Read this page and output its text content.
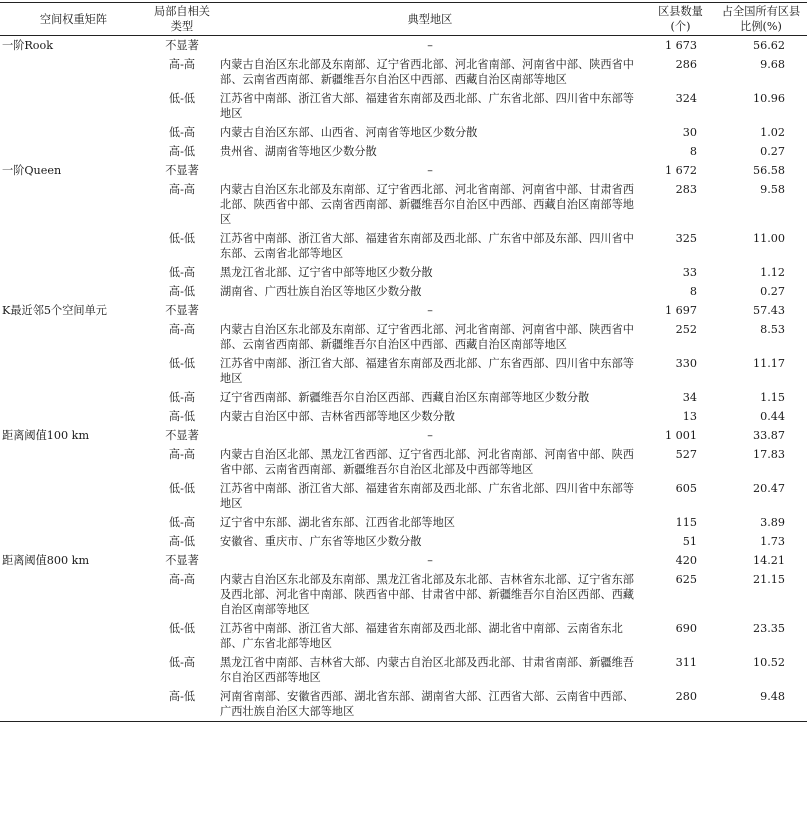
空间权重矩阵	局部自相关类型	典型地区	区县数量(个)	占全国所有区县比例(%)
一阶Rook	不显著	–	1 673	56.62
	高-高	内蒙古自治区东北部及东南部、辽宁省西北部、河北省南部、河南省中部、陕西省中部、云南省西南部、新疆维吾尔自治区中西部、西藏自治区南部等地区	286	9.68
	低-低	江苏省中南部、浙江省大部、福建省东南部及西北部、广东省北部、四川省中东部等地区	324	10.96
	低-高	内蒙古自治区东部、山西省、河南省等地区少数分散	30	1.02
	高-低	贵州省、湖南省等地区少数分散	8	0.27
一阶Queen	不显著	–	1 672	56.58
	高-高	内蒙古自治区东北部及东南部、辽宁省西北部、河北省南部、河南省中部、甘肃省西北部、陕西省中部、云南省西南部、新疆维吾尔自治区中西部、西藏自治区南部等地区	283	9.58
	低-低	江苏省中南部、浙江省大部、福建省东南部及西北部、广东省中部及东部、四川省中东部、云南省北部等地区	325	11.00
	低-高	黑龙江省北部、辽宁省中部等地区少数分散	33	1.12
	高-低	湖南省、广西壮族自治区等地区少数分散	8	0.27
K最近邻5个空间单元	不显著	–	1 697	57.43
	高-高	内蒙古自治区东北部及东南部、辽宁省西北部、河北省南部、河南省中部、陕西省中部、云南省西南部、新疆维吾尔自治区中西部、西藏自治区南部等地区	252	8.53
	低-低	江苏省中南部、浙江省大部、福建省东南部及西北部、广东省西部、四川省中东部等地区	330	11.17
	低-高	辽宁省西南部、新疆维吾尔自治区西部、西藏自治区东南部等地区少数分散	34	1.15
	高-低	内蒙古自治区中部、吉林省西部等地区少数分散	13	0.44
距离阈值100 km	不显著	–	1 001	33.87
	高-高	内蒙古自治区北部、黑龙江省西部、辽宁省西北部、河北省南部、河南省中部、陕西省中部、云南省西南部、新疆维吾尔自治区北部及中西部等地区	527	17.83
	低-低	江苏省中南部、浙江省大部、福建省东南部及西北部、广东省北部、四川省中东部等地区	605	20.47
	低-高	辽宁省中东部、湖北省东部、江西省北部等地区	115	3.89
	高-低	安徽省、重庆市、广东省等地区少数分散	51	1.73
距离阈值800 km	不显著	–	420	14.21
	高-高	内蒙古自治区东北部及东南部、黑龙江省北部及东北部、吉林省东北部、辽宁省东部及西北部、河北省中南部、陕西省中部、甘肃省中部、新疆维吾尔自治区西部、西藏自治区南部等地区	625	21.15
	低-低	江苏省中南部、浙江省大部、福建省东南部及西北部、湖北省中南部、云南省东北部、广东省北部等地区	690	23.35
	低-高	黑龙江省中南部、吉林省大部、内蒙古自治区北部及西北部、甘肃省南部、新疆维吾尔自治区西部等地区	311	10.52
	高-低	河南省南部、安徽省西部、湖北省东部、湖南省大部、江西省大部、云南省中西部、广西壮族自治区大部等地区	280	9.48
